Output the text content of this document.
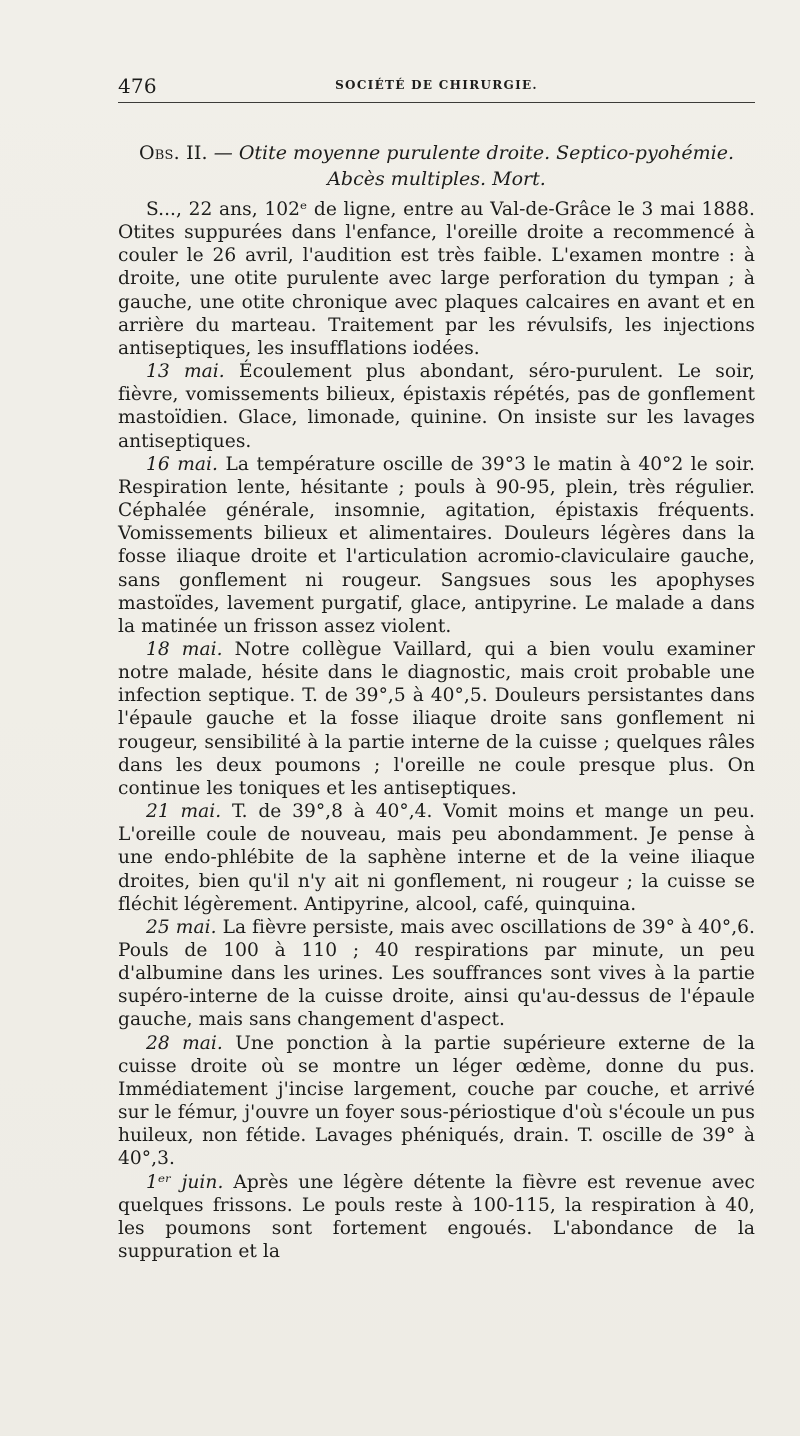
476	SOCIÉTÉ DE CHIRURGIE.
Obs. II. — Otite moyenne purulente droite. Septico-pyohémie.
Abcès multiples. Mort.

S..., 22 ans, 102ᵉ de ligne, entre au Val-de-Grâce le 3 mai 1888. Otites suppurées dans l'enfance, l'oreille droite a recommencé à couler le 26 avril, l'audition est très faible. L'examen montre : à droite, une otite purulente avec large perforation du tympan ; à gauche, une otite chronique avec plaques calcaires en avant et en arrière du marteau. Traitement par les révulsifs, les injections antiseptiques, les insufflations iodées.

13 mai. Écoulement plus abondant, séro-purulent. Le soir, fièvre, vomissements bilieux, épistaxis répétés, pas de gonflement mastoïdien. Glace, limonade, quinine. On insiste sur les lavages antiseptiques.

16 mai. La température oscille de 39°3 le matin à 40°2 le soir. Respiration lente, hésitante ; pouls à 90-95, plein, très régulier. Céphalée générale, insomnie, agitation, épistaxis fréquents. Vomissements bilieux et alimentaires. Douleurs légères dans la fosse iliaque droite et l'articulation acromio-claviculaire gauche, sans gonflement ni rougeur. Sangsues sous les apophyses mastoïdes, lavement purgatif, glace, antipyrine. Le malade a dans la matinée un frisson assez violent.

18 mai. Notre collègue Vaillard, qui a bien voulu examiner notre malade, hésite dans le diagnostic, mais croit probable une infection septique. T. de 39°,5 à 40°,5. Douleurs persistantes dans l'épaule gauche et la fosse iliaque droite sans gonflement ni rougeur, sensibilité à la partie interne de la cuisse ; quelques râles dans les deux poumons ; l'oreille ne coule presque plus. On continue les toniques et les antiseptiques.

21 mai. T. de 39°,8 à 40°,4. Vomit moins et mange un peu. L'oreille coule de nouveau, mais peu abondamment. Je pense à une endo-phlébite de la saphène interne et de la veine iliaque droites, bien qu'il n'y ait ni gonflement, ni rougeur ; la cuisse se fléchit légèrement. Antipyrine, alcool, café, quinquina.

25 mai. La fièvre persiste, mais avec oscillations de 39° à 40°,6. Pouls de 100 à 110 ; 40 respirations par minute, un peu d'albumine dans les urines. Les souffrances sont vives à la partie supéro-interne de la cuisse droite, ainsi qu'au-dessus de l'épaule gauche, mais sans changement d'aspect.

28 mai. Une ponction à la partie supérieure externe de la cuisse droite où se montre un léger œdème, donne du pus. Immédiatement j'incise largement, couche par couche, et arrivé sur le fémur, j'ouvre un foyer sous-périostique d'où s'écoule un pus huileux, non fétide. Lavages phéniqués, drain. T. oscille de 39° à 40°,3.

1ᵉʳ juin. Après une légère détente la fièvre est revenue avec quelques frissons. Le pouls reste à 100-115, la respiration à 40, les poumons sont fortement engoués. L'abondance de la suppuration et la
